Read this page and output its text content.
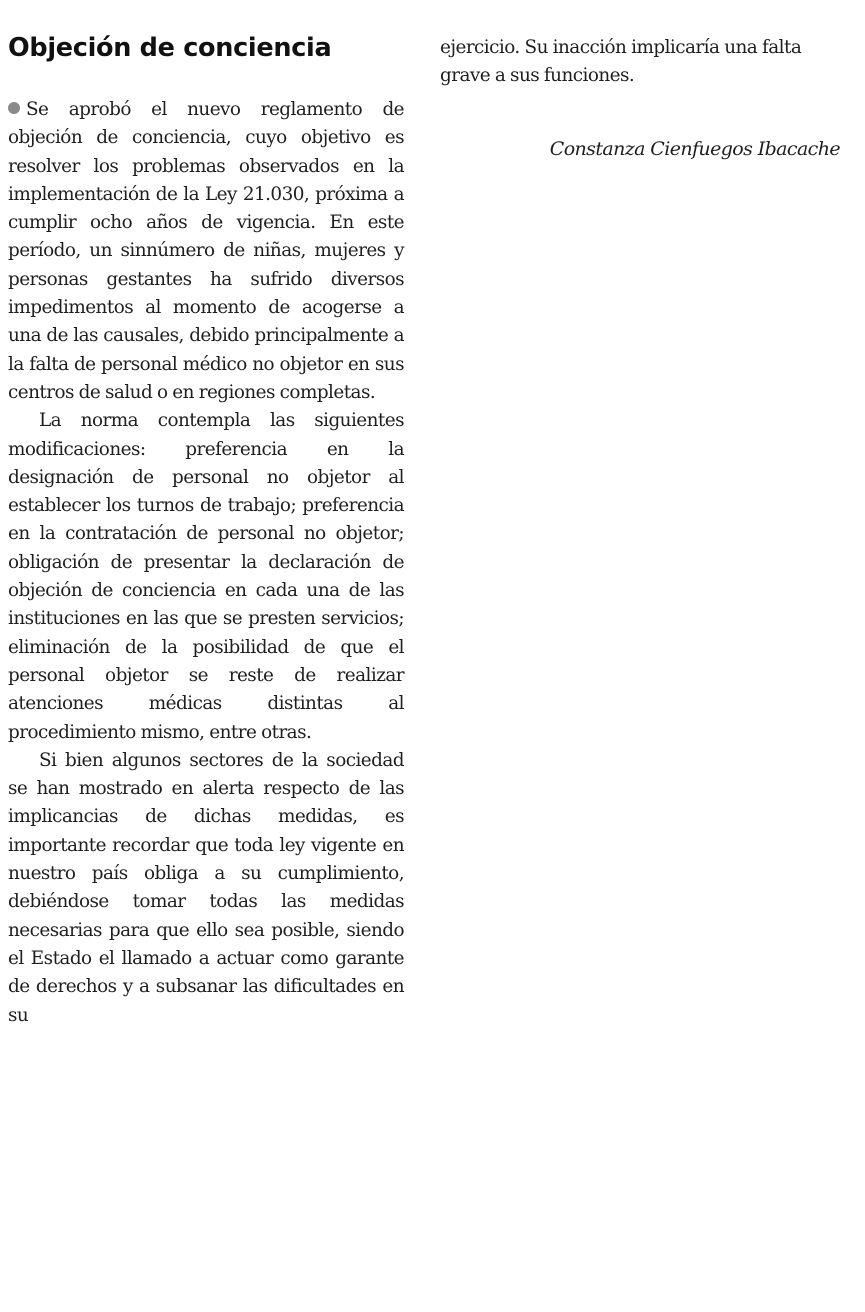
Objeción de conciencia

Se aprobó el nuevo reglamento de objeción de conciencia, cuyo objetivo es resolver los problemas observados en la implementación de la Ley 21.030, próxima a cumplir ocho años de vigencia. En este período, un sinnúmero de niñas, mujeres y personas gestantes ha sufrido diversos impedimentos al momento de acogerse a una de las causales, debido principalmente a la falta de personal médico no objetor en sus centros de salud o en regiones completas.

La norma contempla las siguientes modificaciones: preferencia en la designación de personal no objetor al establecer los turnos de trabajo; preferencia en la contratación de personal no objetor; obligación de presentar la declaración de objeción de conciencia en cada una de las instituciones en las que se presten servicios; eliminación de la posibilidad de que el personal objetor se reste de realizar atenciones médicas distintas al procedimiento mismo, entre otras.

Si bien algunos sectores de la sociedad se han mostrado en alerta respecto de las implicancias de dichas medidas, es importante recordar que toda ley vigente en nuestro país obliga a su cumplimiento, debiéndose tomar todas las medidas necesarias para que ello sea posible, siendo el Estado el llamado a actuar como garante de derechos y a subsanar las dificultades en su

ejercicio. Su inacción implicaría una falta grave a sus funciones.

Constanza Cienfuegos Ibacache
